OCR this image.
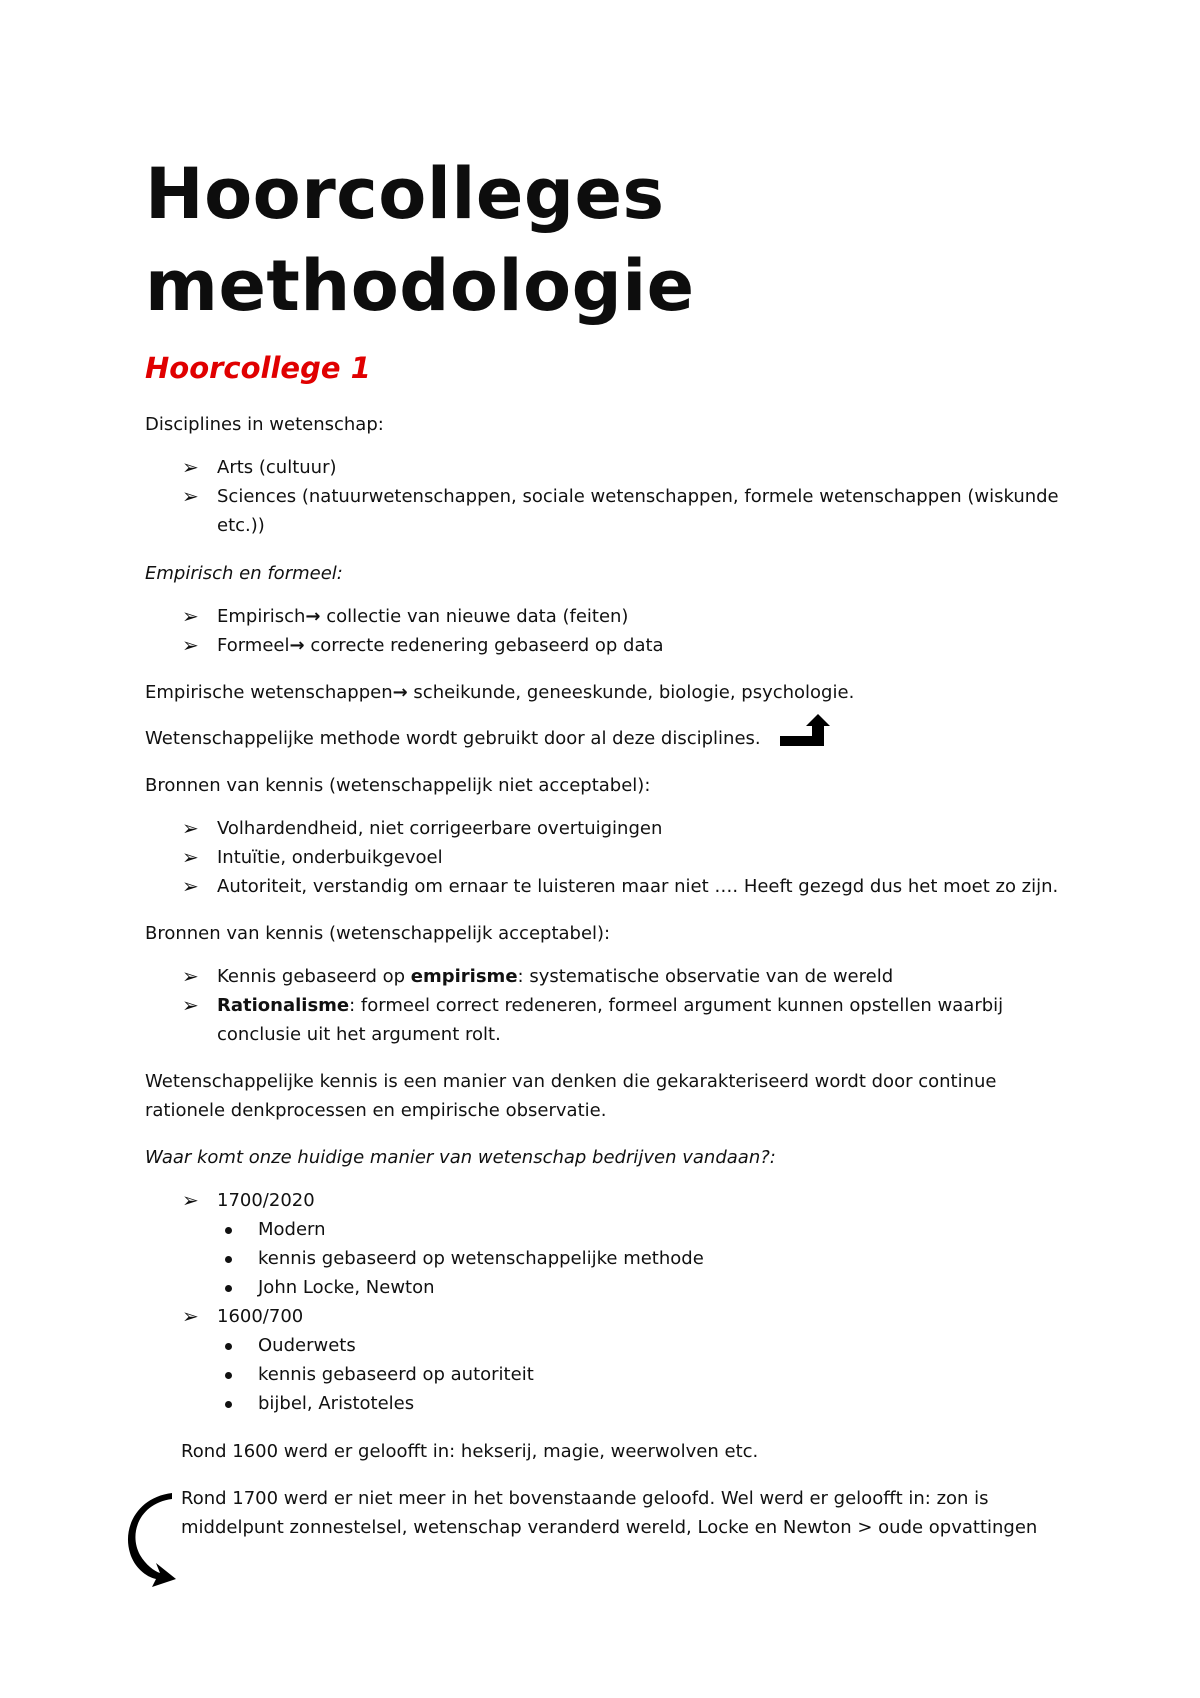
Hoorcolleges
methodologie
Hoorcollege 1
Disciplines in wetenschap:
➢ Arts (cultuur)
➢ Sciences (natuurwetenschappen, sociale wetenschappen, formele wetenschappen (wiskunde
etc.))
Empirisch en formeel:
➢ Empirisch→ collectie van nieuwe data (feiten)
➢ Formeel→ correcte redenering gebaseerd op data
Empirische wetenschappen→ scheikunde, geneeskunde, biologie, psychologie.
Wetenschappelijke methode wordt gebruikt door al deze disciplines.
Bronnen van kennis (wetenschappelijk niet acceptabel):
➢ Volhardendheid, niet corrigeerbare overtuigingen
➢ Intuïtie, onderbuikgevoel
➢ Autoriteit, verstandig om ernaar te luisteren maar niet …. Heeft gezegd dus het moet zo zijn.
Bronnen van kennis (wetenschappelijk acceptabel):
➢ Kennis gebaseerd op empirisme: systematische observatie van de wereld
➢ Rationalisme: formeel correct redeneren, formeel argument kunnen opstellen waarbij
conclusie uit het argument rolt.
Wetenschappelijke kennis is een manier van denken die gekarakteriseerd wordt door continue
rationele denkprocessen en empirische observatie.
Waar komt onze huidige manier van wetenschap bedrijven vandaan?:
➢ 1700/2020
Modern
kennis gebaseerd op wetenschappelijke methode
John Locke, Newton
➢ 1600/700
Ouderwets
kennis gebaseerd op autoriteit
bijbel, Aristoteles
Rond 1600 werd er geloofft in: hekserij, magie, weerwolven etc.
Rond 1700 werd er niet meer in het bovenstaande geloofd. Wel werd er geloofft in: zon is
middelpunt zonnestelsel, wetenschap veranderd wereld, Locke en Newton > oude opvattingen
